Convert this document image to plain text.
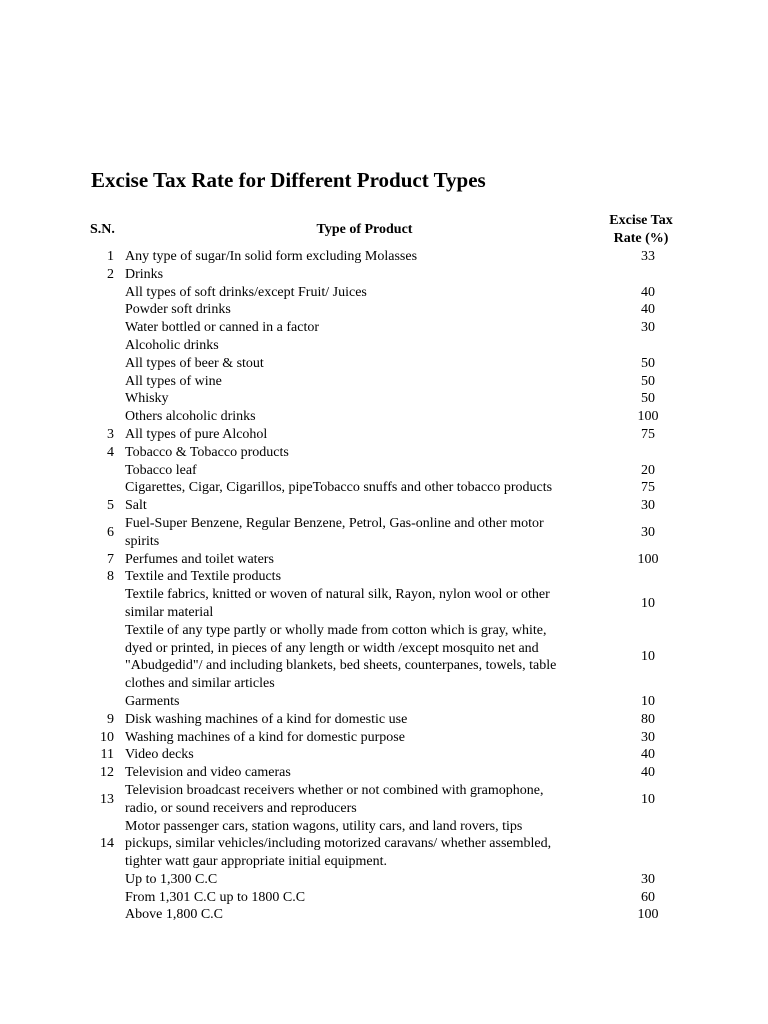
Excise Tax Rate for Different Product Types
S.N.	Type of Product
Excise Tax
Rate (%)
1	Any type of sugar/In solid form excluding Molasses	33
2	Drinks	

	All types of soft drinks/except Fruit/ Juices	40

	Powder soft drinks	40

	Water bottled or canned in a factor	30

	Alcoholic drinks	

	All types of beer & stout	50

	All types of wine	50

	Whisky	50

	Others alcoholic drinks	100
3	All types of pure Alcohol	75
4	Tobacco & Tobacco products	

	Tobacco leaf	20

	Cigarettes, Cigar, Cigarillos, pipeTobacco snuffs and other tobacco products	75
5	Salt	30
6	Fuel-Super Benzene, Regular Benzene, Petrol, Gas-online and other motor
spirits	30
7	Perfumes and toilet waters	100
8	Textile and Textile products	

	Textile fabrics, knitted or woven of natural silk, Rayon, nylon wool or other
similar material	10

	Textile of any type partly or wholly made from cotton which is gray, white,
dyed or printed, in pieces of any length or width /except mosquito net and
"Abudgedid"/ and including blankets, bed sheets, counterpanes, towels, table
clothes and similar articles	10

	Garments	10
9	Disk washing machines of a kind for domestic use	80
10	Washing machines of a kind for domestic purpose	30
11	Video decks	40
12	Television and video cameras	40
13	Television broadcast receivers whether or not combined with gramophone,
radio, or sound receivers and reproducers	10
14	Motor passenger cars, station wagons, utility cars, and land rovers, tips
pickups, similar vehicles/including motorized caravans/ whether assembled,
tighter watt gaur appropriate initial equipment.	

	Up to 1,300 C.C	30

	From 1,301 C.C up to 1800 C.C	60

	Above 1,800 C.C	100
